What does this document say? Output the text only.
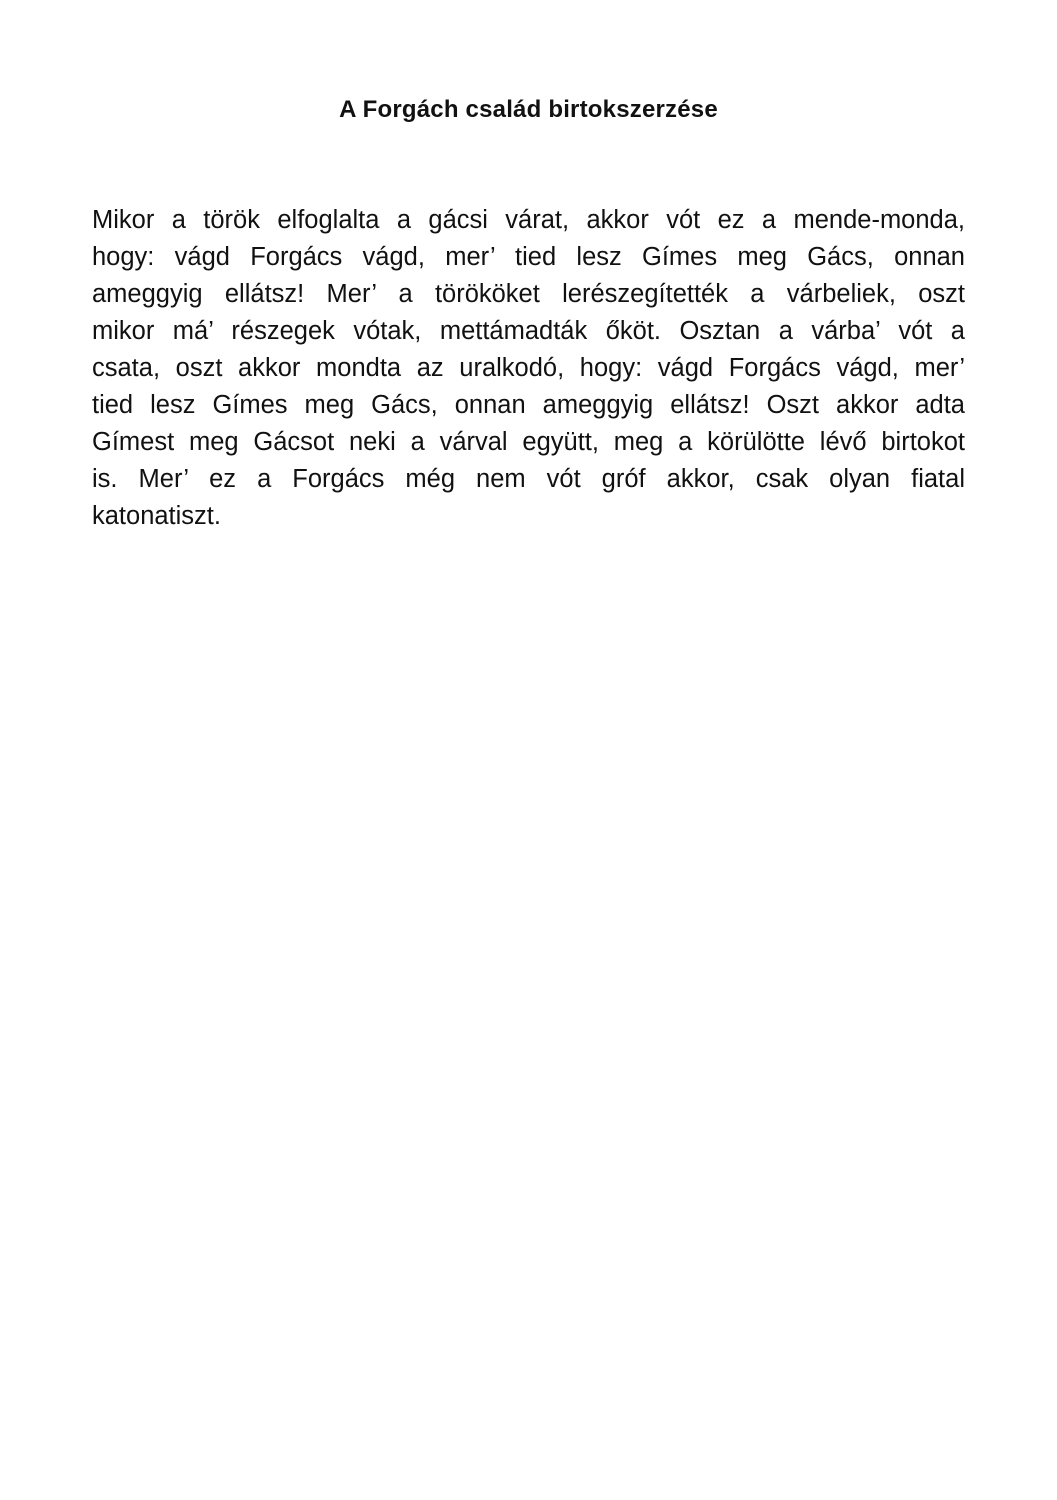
A Forgách család birtokszerzése
Mikor a török elfoglalta a gácsi várat, akkor vót ez a mende-monda,
hogy: vágd Forgács vágd, mer’ tied lesz Gímes meg Gács, onnan
ameggyig ellátsz! Mer’ a törököket lerészegítették a várbeliek, oszt
mikor má’ részegek vótak, mettámadták őköt. Osztan a várba’ vót a
csata, oszt akkor mondta az uralkodó, hogy: vágd Forgács vágd, mer’
tied lesz Gímes meg Gács, onnan ameggyig ellátsz! Oszt akkor adta
Gímest meg Gácsot neki a várval együtt, meg a körülötte lévő birtokot
is. Mer’ ez a Forgács még nem vót gróf akkor, csak olyan fiatal
katonatiszt.
